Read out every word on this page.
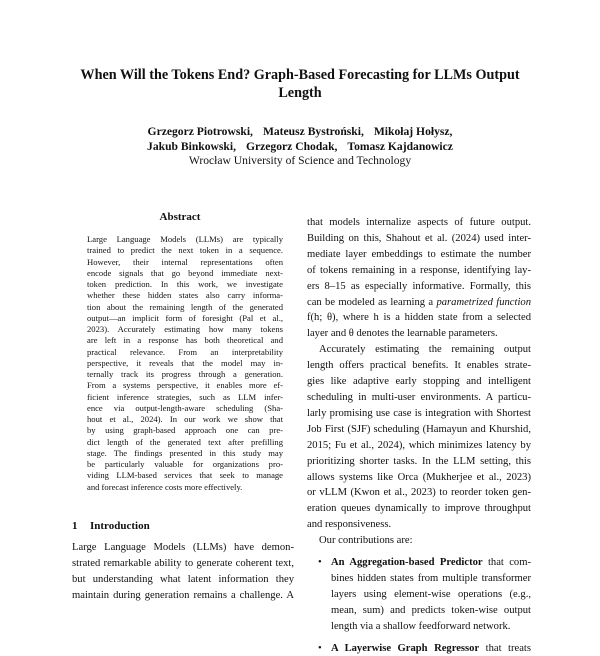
When Will the Tokens End? Graph-Based Forecasting for LLMs Output
Length
Grzegorz Piotrowski, Mateusz Bystroński, Mikołaj Hołysz,
Jakub Binkowski, Grzegorz Chodak, Tomasz Kajdanowicz
Wrocław University of Science and Technology
Abstract
Large Language Models (LLMs) are typically
trained to predict the next token in a sequence.
However, their internal representations often
encode signals that go beyond immediate next-
token prediction. In this work, we investigate
whether these hidden states also carry informa-
tion about the remaining length of the generated
output—an implicit form of foresight (Pal et al.,
2023). Accurately estimating how many tokens
are left in a response has both theoretical and
practical relevance. From an interpretability
perspective, it reveals that the model may in-
ternally track its progress through a generation.
From a systems perspective, it enables more ef-
ficient inference strategies, such as LLM infer-
ence via output-length-aware scheduling (Sha-
hout et al., 2024). In our work we show that
by using graph-based approach one can pre-
dict length of the generated text after prefilling
stage. The findings presented in this study may
be particularly valuable for organizations pro-
viding LLM-based services that seek to manage
and forecast inference costs more effectively.
1 Introduction
Large Language Models (LLMs) have demon-
strated remarkable ability to generate coherent text,
but understanding what latent information they
maintain during generation remains a challenge. A
that models internalize aspects of future output.
Building on this, Shahout et al. (2024) used inter-
mediate layer embeddings to estimate the number
of tokens remaining in a response, identifying lay-
ers 8–15 as especially informative. Formally, this
can be modeled as learning a parametrized function
f(h; θ), where h is a hidden state from a selected
layer and θ denotes the learnable parameters.
Accurately estimating the remaining output
length offers practical benefits. It enables strate-
gies like adaptive early stopping and intelligent
scheduling in multi-user environments. A particu-
larly promising use case is integration with Shortest
Job First (SJF) scheduling (Hamayun and Khurshid,
2015; Fu et al., 2024), which minimizes latency by
prioritizing shorter tasks. In the LLM setting, this
allows systems like Orca (Mukherjee et al., 2023)
or vLLM (Kwon et al., 2023) to reorder token gen-
eration queues dynamically to improve throughput
and responsiveness.
Our contributions are:
• An Aggregation-based Predictor that com-
bines hidden states from multiple transformer
layers using element-wise operations (e.g.,
mean, sum) and predicts token-wise output
length via a shallow feedforward network.
• A Layerwise Graph Regressor that treats
